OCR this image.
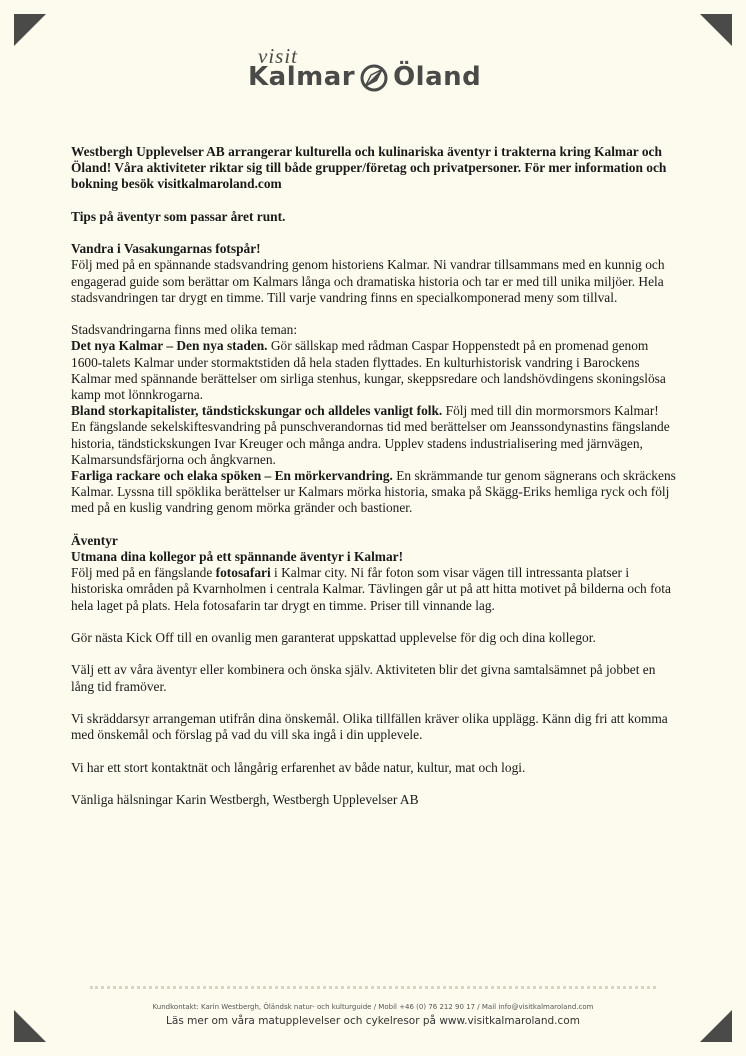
visit
Kalmar Öland

Westbergh Upplevelser AB arrangerar kulturella och kulinariska äventyr i trakterna kring Kalmar och Öland! Våra aktiviteter riktar sig till både grupper/företag och privatpersoner. För mer information och bokning besök visitkalmaroland.com

Tips på äventyr som passar året runt.

Vandra i Vasakungarnas fotspår!

Följ med på en spännande stadsvandring genom historiens Kalmar. Ni vandrar tillsammans med en kunnig och engagerad guide som berättar om Kalmars långa och dramatiska historia och tar er med till unika miljöer. Hela stadsvandringen tar drygt en timme. Till varje vandring finns en specialkomponerad meny som tillval.

Stadsvandringarna finns med olika teman:

Det nya Kalmar – Den nya staden. Gör sällskap med rådman Caspar Hoppenstedt på en promenad genom 1600-talets Kalmar under stormaktstiden då hela staden flyttades. En kulturhistorisk vandring i Barockens Kalmar med spännande berättelser om sirliga stenhus, kungar, skeppsredare och landshövdingens skoningslösa kamp mot lönnkrogarna.

Bland storkapitalister, tändstickskungar och alldeles vanligt folk. Följ med till din mormorsmors Kalmar! En fängslande sekelskiftesvandring på punschverandornas tid med berättelser om Jeanssondynastins fängslande historia, tändstickskungen Ivar Kreuger och många andra. Upplev stadens industrialisering med järnvägen, Kalmarsundsfärjorna och ångkvarnen.

Farliga rackare och elaka spöken – En mörkervandring. En skrämmande tur genom sägnerans och skräckens Kalmar. Lyssna till spöklika berättelser ur Kalmars mörka historia, smaka på Skägg-Eriks hemliga ryck och följ med på en kuslig vandring genom mörka gränder och bastioner.

Äventyr

Utmana dina kollegor på ett spännande äventyr i Kalmar!

Följ med på en fängslande fotosafari i Kalmar city. Ni får foton som visar vägen till intressanta platser i historiska områden på Kvarnholmen i centrala Kalmar. Tävlingen går ut på att hitta motivet på bilderna och fota hela laget på plats. Hela fotosafarin tar drygt en timme. Priser till vinnande lag.

Gör nästa Kick Off till en ovanlig men garanterat uppskattad upplevelse för dig och dina kollegor.

Välj ett av våra äventyr eller kombinera och önska själv. Aktiviteten blir det givna samtalsämnet på jobbet en lång tid framöver.

Vi skräddarsyr arrangeman utifrån dina önskemål. Olika tillfällen kräver olika upplägg. Känn dig fri att komma med önskemål och förslag på vad du vill ska ingå i din upplevele.

Vi har ett stort kontaktnät och långårig erfarenhet av både natur, kultur, mat och logi.

Vänliga hälsningar Karin Westbergh, Westbergh Upplevelser AB

Kundkontakt: Karin Westbergh, Öländsk natur- och kulturguide / Mobil +46 (0) 76 212 90 17 / Mail info@visitkalmaroland.com
Läs mer om våra matupplevelser och cykelresor på www.visitkalmaroland.com
